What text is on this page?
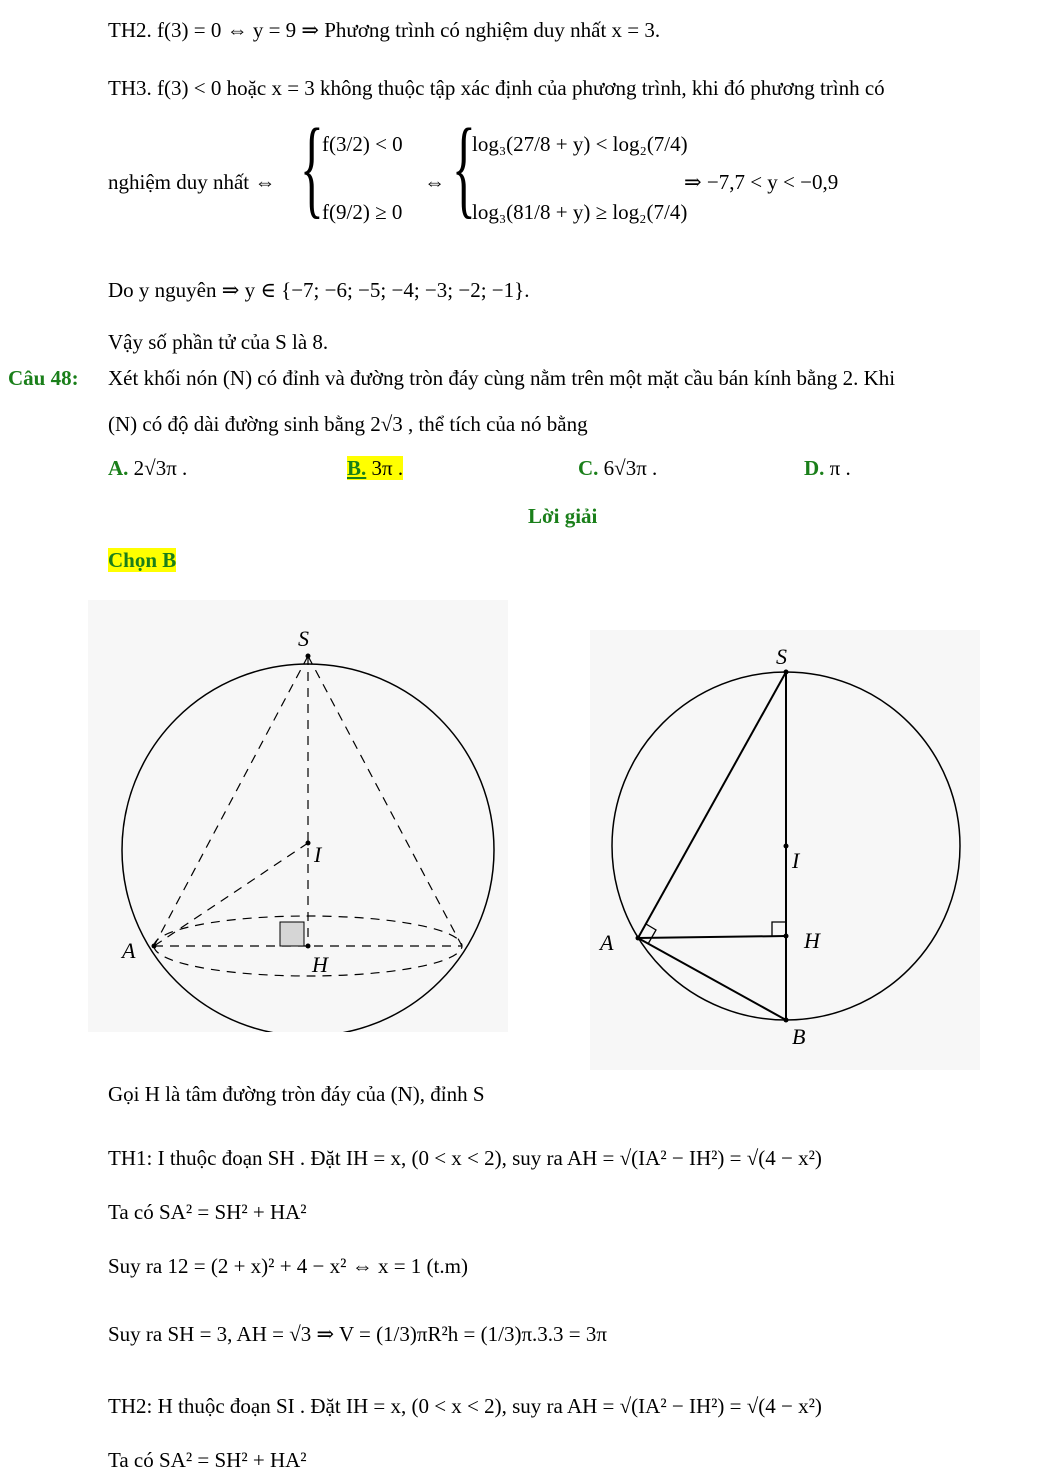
TH2. f(3) = 0 ⇔ y = 9 ⇒ Phương trình có nghiệm duy nhất x = 3.
TH3. f(3) < 0 hoặc x = 3 không thuộc tập xác định của phương trình, khi đó phương trình có
nghiệm duy nhất ⇔ {
f(3/2) < 0
f(9/2) ≥ 0
⇔ {
log₃(27/8 + y) < log₂(7/4)
log₃(81/8 + y) ≥ log₂(7/4)
⇒ −7,7 < y < −0,9
Do y nguyên ⇒ y ∈ {−7; −6; −5; −4; −3; −2; −1}.
Vậy số phần tử của S là 8.
Câu 48: Xét khối nón (N) có đỉnh và đường tròn đáy cùng nằm trên một mặt cầu bán kính bằng 2. Khi
(N) có độ dài đường sinh bằng 2√3 , thể tích của nó bằng
A. 2√3π .	B. 3π .	C. 6√3π .	D. π .
Lời giải
Chọn B
S
I
A
H
S
I
A	H
B
Gọi H là tâm đường tròn đáy của (N), đỉnh S
TH1: I thuộc đoạn SH . Đặt IH = x, (0 < x < 2), suy ra AH = √(IA² − IH²) = √(4 − x²)
Ta có SA² = SH² + HA²
Suy ra 12 = (2 + x)² + 4 − x² ⇔ x = 1 (t.m)
Suy ra SH = 3, AH = √3 ⇒ V = (1/3)πR²h = (1/3)π.3.3 = 3π
TH2: H thuộc đoạn SI . Đặt IH = x, (0 < x < 2), suy ra AH = √(IA² − IH²) = √(4 − x²)
Ta có SA² = SH² + HA²
